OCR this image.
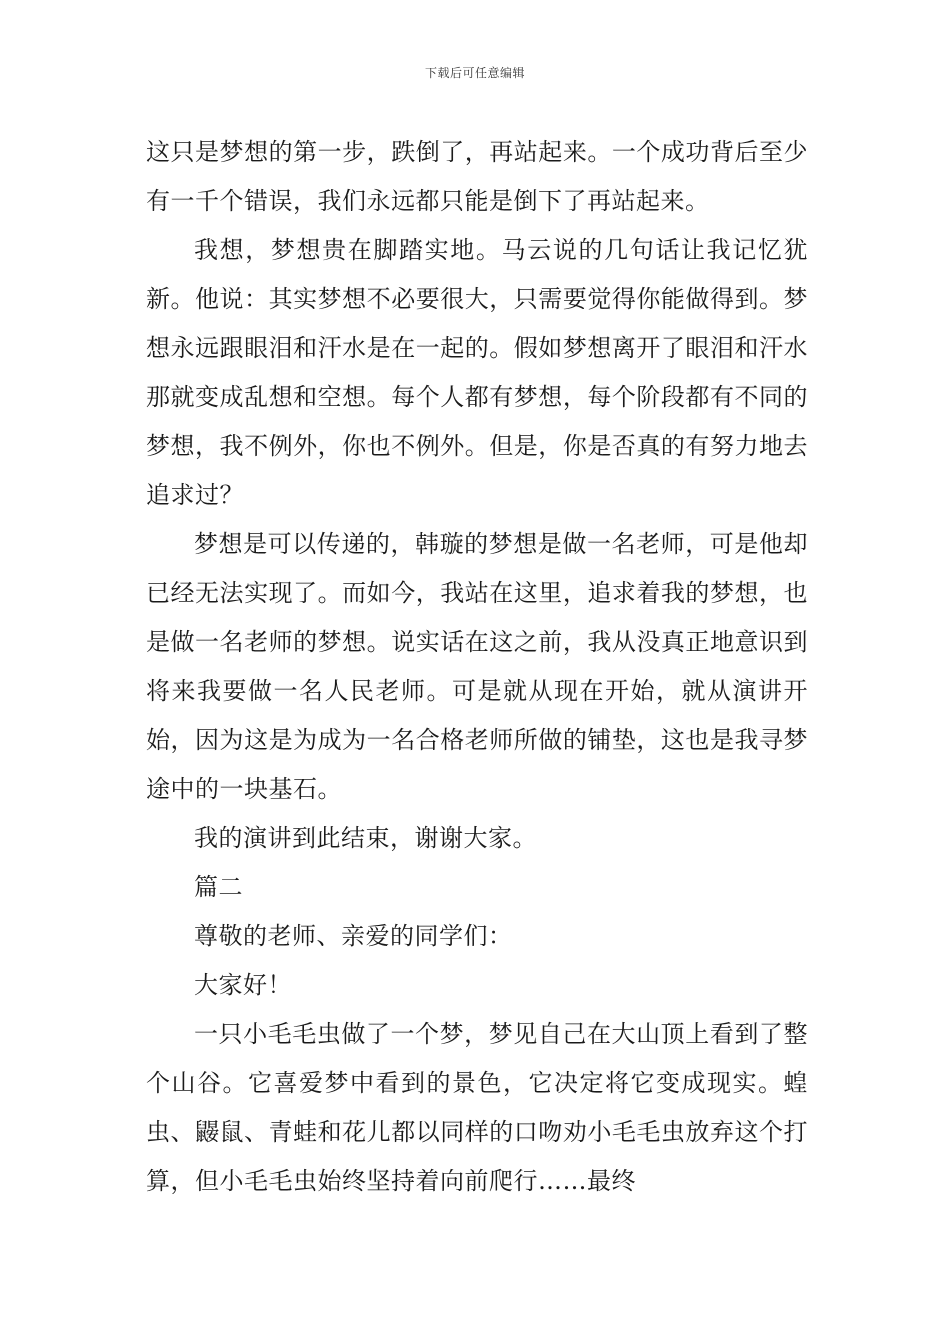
下载后可任意编辑

这只是梦想的第一步，跌倒了，再站起来。一个成功背后至少有一千个错误，我们永远都只能是倒下了再站起来。

我想，梦想贵在脚踏实地。马云说的几句话让我记忆犹新。他说：其实梦想不必要很大，只需要觉得你能做得到。梦想永远跟眼泪和汗水是在一起的。假如梦想离开了眼泪和汗水那就变成乱想和空想。每个人都有梦想，每个阶段都有不同的梦想，我不例外，你也不例外。但是，你是否真的有努力地去追求过？

梦想是可以传递的，韩璇的梦想是做一名老师，可是他却已经无法实现了。而如今，我站在这里，追求着我的梦想，也是做一名老师的梦想。说实话在这之前，我从没真正地意识到将来我要做一名人民老师。可是就从现在开始，就从演讲开始，因为这是为成为一名合格老师所做的铺垫，这也是我寻梦途中的一块基石。

我的演讲到此结束，谢谢大家。

篇二

尊敬的老师、亲爱的同学们：

大家好！

一只小毛毛虫做了一个梦，梦见自己在大山顶上看到了整个山谷。它喜爱梦中看到的景色，它决定将它变成现实。蝗虫、鼹鼠、青蛙和花儿都以同样的口吻劝小毛毛虫放弃这个打算，但小毛毛虫始终坚持着向前爬行……最终
